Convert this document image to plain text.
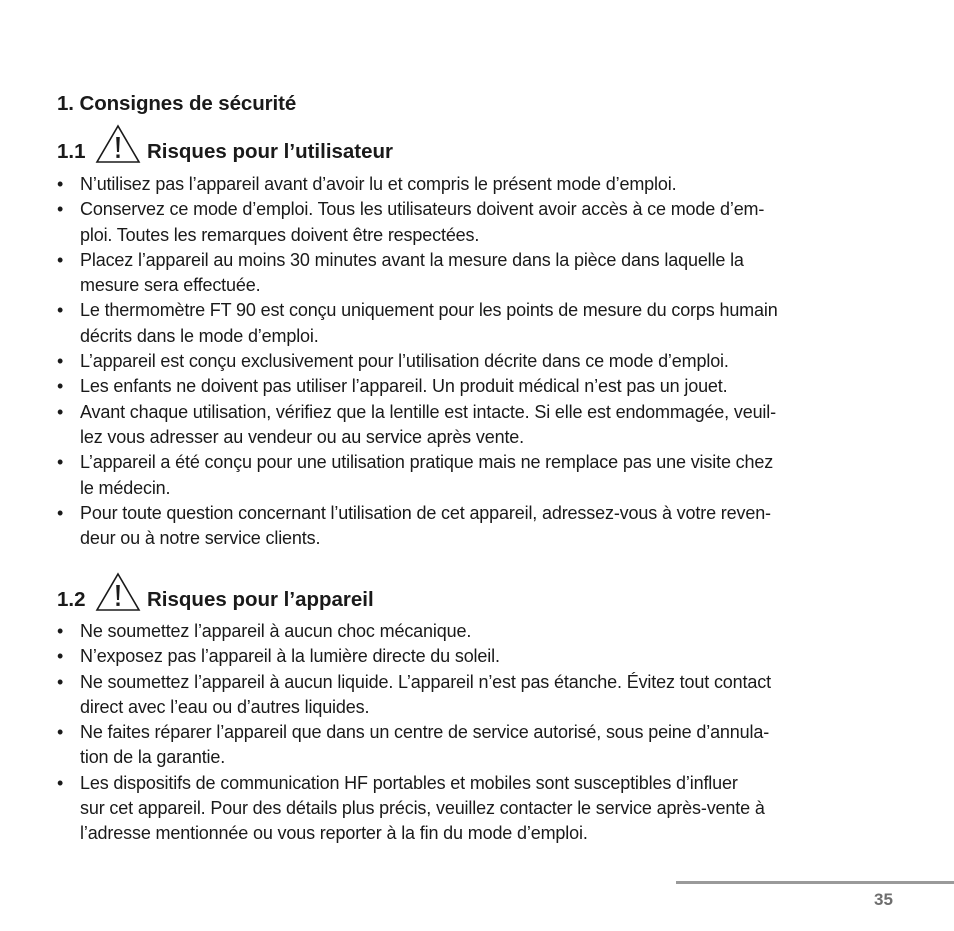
1. Consignes de sécurité
1.1	Risques pour l’utilisateur
• N’utilisez pas l’appareil avant d’avoir lu et compris le présent mode d’emploi.
• Conservez ce mode d’emploi. Tous les utilisateurs doivent avoir accès à ce mode d’em-
ploi. Toutes les remarques doivent être respectées.
• Placez l’appareil au moins 30 minutes avant la mesure dans la pièce dans laquelle la
mesure sera effectuée.
• Le thermomètre FT 90 est conçu uniquement pour les points de mesure du corps humain
décrits dans le mode d’emploi.
• L’appareil est conçu exclusivement pour l’utilisation décrite dans ce mode d’emploi.
• Les enfants ne doivent pas utiliser l’appareil. Un produit médical n’est pas un jouet.
• Avant chaque utilisation, vérifiez que la lentille est intacte. Si elle est endommagée, veuil-
lez vous adresser au vendeur ou au service après vente.
• L’appareil a été conçu pour une utilisation pratique mais ne remplace pas une visite chez
le médecin.
• Pour toute question concernant l’utilisation de cet appareil, adressez-vous à votre reven-
deur ou à notre service clients.
1.2	Risques pour l’appareil
• Ne soumettez l’appareil à aucun choc mécanique.
• N’exposez pas l’appareil à la lumière directe du soleil.
• Ne soumettez l’appareil à aucun liquide. L’appareil n’est pas étanche. Évitez tout contact
direct avec l’eau ou d’autres liquides.
• Ne faites réparer l’appareil que dans un centre de service autorisé, sous peine d’annula-
tion de la garantie.
• Les dispositifs de communication HF portables et mobiles sont susceptibles d’influer
sur cet appareil. Pour des détails plus précis, veuillez contacter le service après-vente à
l’adresse mentionnée ou vous reporter à la fin du mode d’emploi.
35
